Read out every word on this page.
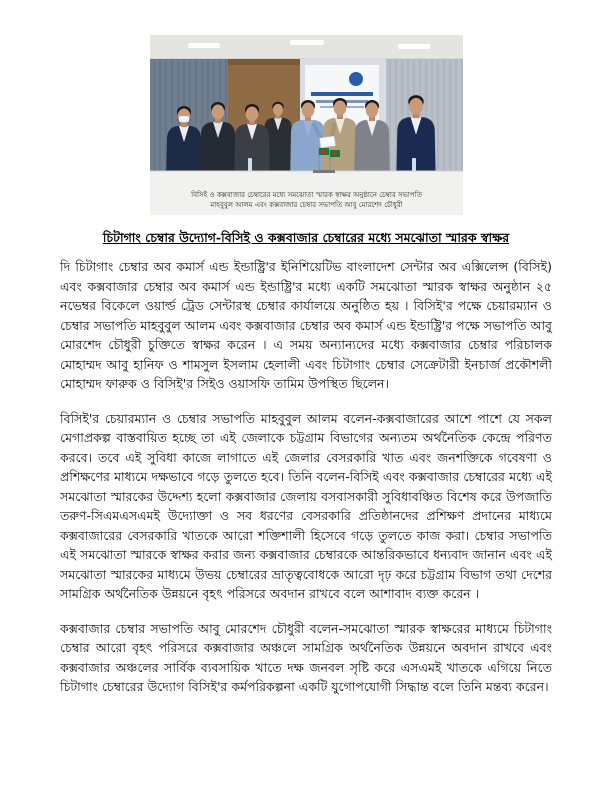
বিসিই ও কক্সবাজার চেম্বারের মধ্যে সমঝোতা স্মারক স্বাক্ষর অনুষ্ঠানে চেম্বার সভাপতি
মাহবুবুল আলম এবং কক্সবাজার চেম্বার সভাপতি আবু মোরশেদ চৌধুরী
চিটাগাং চেম্বার উদ্যোগ-বিসিই ও কক্সবাজার চেম্বারের মধ্যে সমঝোতা স্মারক স্বাক্ষর

দি চিটাগাং চেম্বার অব কমার্স এন্ড ইন্ডাষ্ট্রি'র ইনিশিয়েটিভ বাংলাদেশ সেন্টার অব এক্সিলেন্স (বিসিই) এবং কক্সবাজার চেম্বার অব কমার্স এন্ড ইন্ডাষ্ট্রি'র মধ্যে একটি সমঝোতা স্মারক স্বাক্ষর অনুষ্ঠান ২৫ নভেম্বর বিকেলে ওয়ার্ল্ড ট্রেড সেন্টারস্থ চেম্বার কার্যালয়ে অনুষ্ঠিত হয় । বিসিই'র পক্ষে চেয়ারম্যান ও চেম্বার সভাপতি মাহবুবুল আলম এবং কক্সবাজার চেম্বার অব কমার্স এন্ড ইন্ডাষ্ট্রি'র পক্ষে সভাপতি আবু মোরশেদ চৌধুরী চুক্তিতে স্বাক্ষর করেন । এ সময় অন্যান্যদের মধ্যে কক্সবাজার চেম্বার পরিচালক মোহাম্মদ আবু হানিফ ও শামসুল ইসলাম হেলালী এবং চিটাগাং চেম্বার সেক্রেটারী ইনচার্জ প্রকৌশলী মোহাম্মদ ফারুক ও বিসিই'র সিইও ওয়াসফি তামিম উপস্থিত ছিলেন।

বিসিই'র চেয়ারম্যান ও চেম্বার সভাপতি মাহবুবুল আলম বলেন-কক্সবাজারের আশে পাশে যে সকল মেগাপ্রকল্প বাস্তবায়িত হচ্ছে তা এই জেলাকে চট্টগ্রাম বিভাগের অন্যতম অর্থনৈতিক কেন্দ্রে পরিণত করবে। তবে এই সুবিধা কাজে লাগাতে এই জেলার বেসরকারি খাত এবং জনশক্তিকে গবেষণা ও প্রশিক্ষণের মাধ্যমে দক্ষভাবে গড়ে তুলতে হবে। তিনি বলেন-বিসিই এবং কক্সবাজার চেম্বারের মধ্যে এই সমঝোতা স্মারকের উদ্দেশ্য হলো কক্সবাজার জেলায় বসবাসকারী সুবিধাবঞ্চিত বিশেষ করে উপজাতি তরুণ-সিএমএসএমই উদ্যোক্তা ও সব ধরণের বেসরকারি প্রতিষ্ঠানদের প্রশিক্ষণ প্রদানের মাধ্যমে কক্সবাজারের বেসরকারি খাতকে আরো শক্তিশালী হিসেবে গড়ে তুলতে কাজ করা। চেম্বার সভাপতি এই সমঝোতা স্মারকে স্বাক্ষর করার জন্য কক্সবাজার চেম্বারকে আন্তরিকভাবে ধন্যবাদ জানান এবং এই সমঝোতা স্মারকের মাধ্যমে উভয় চেম্বারের ভ্রাতৃত্ববোধকে আরো দৃঢ় করে চট্টগ্রাম বিভাগ তথা দেশের সামগ্রিক অর্থনৈতিক উন্নয়নে বৃহৎ পরিসরে অবদান রাখবে বলে আশাবাদ ব্যক্ত করেন ।

কক্সবাজার চেম্বার সভাপতি আবু মোরশেদ চৌধুরী বলেন-সমঝোতা স্মারক স্বাক্ষরের মাধ্যমে চিটাগাং চেম্বার আরো বৃহৎ পরিসরে কক্সবাজার অঞ্চলে সামগ্রিক অর্থনৈতিক উন্নয়নে অবদান রাখবে এবং কক্সবাজার অঞ্চলের সার্বিক ব্যবসায়িক খাতে দক্ষ জনবল সৃষ্টি করে এসএমই খাতকে এগিয়ে নিতে চিটাগাং চেম্বারের উদ্যোগ বিসিই'র কর্মপরিকল্পনা একটি যুগোপযোগী সিদ্ধান্ত বলে তিনি মন্তব্য করেন।
